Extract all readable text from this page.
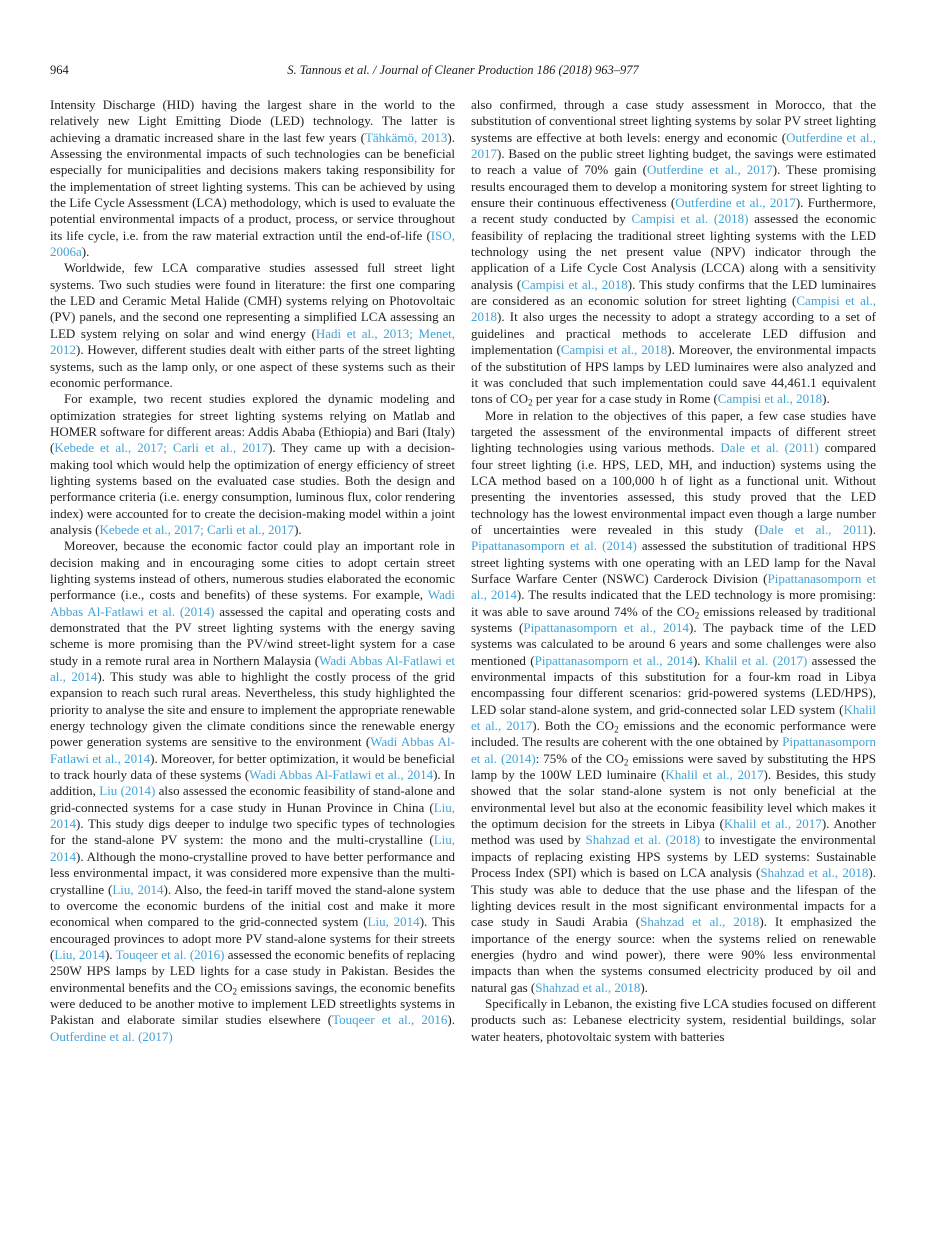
964	S. Tannous et al. / Journal of Cleaner Production 186 (2018) 963–977

Intensity Discharge (HID) having the largest share in the world to the relatively new Light Emitting Diode (LED) technology. The latter is achieving a dramatic increased share in the last few years (Tähkämö, 2013). Assessing the environmental impacts of such technologies can be beneficial especially for municipalities and decisions makers taking responsibility for the implementation of street lighting systems. This can be achieved by using the Life Cycle Assessment (LCA) methodology, which is used to evaluate the potential environmental impacts of a product, process, or service throughout its life cycle, i.e. from the raw material extraction until the end-of-life (ISO, 2006a).

Worldwide, few LCA comparative studies assessed full street light systems. Two such studies were found in literature: the first one comparing the LED and Ceramic Metal Halide (CMH) systems relying on Photovoltaic (PV) panels, and the second one representing a simplified LCA assessing an LED system relying on solar and wind energy (Hadi et al., 2013; Menet, 2012). However, different studies dealt with either parts of the street lighting systems, such as the lamp only, or one aspect of these systems such as their economic performance.

For example, two recent studies explored the dynamic modeling and optimization strategies for street lighting systems relying on Matlab and HOMER software for different areas: Addis Ababa (Ethiopia) and Bari (Italy) (Kebede et al., 2017; Carli et al., 2017). They came up with a decision-making tool which would help the optimization of energy efficiency of street lighting systems based on the evaluated case studies. Both the design and performance criteria (i.e. energy consumption, luminous flux, color rendering index) were accounted for to create the decision-making model within a joint analysis (Kebede et al., 2017; Carli et al., 2017).

Moreover, because the economic factor could play an important role in decision making and in encouraging some cities to adopt certain street lighting systems instead of others, numerous studies elaborated the economic performance (i.e., costs and benefits) of these systems. For example, Wadi Abbas Al-Fatlawi et al. (2014) assessed the capital and operating costs and demonstrated that the PV street lighting systems with the energy saving scheme is more promising than the PV/wind street-light system for a case study in a remote rural area in Northern Malaysia (Wadi Abbas Al-Fatlawi et al., 2014). This study was able to highlight the costly process of the grid expansion to reach such rural areas. Nevertheless, this study highlighted the priority to analyse the site and ensure to implement the appropriate renewable energy technology given the climate conditions since the renewable energy power generation systems are sensitive to the environment (Wadi Abbas Al-Fatlawi et al., 2014). Moreover, for better optimization, it would be beneficial to track hourly data of these systems (Wadi Abbas Al-Fatlawi et al., 2014). In addition, Liu (2014) also assessed the economic feasibility of stand-alone and grid-connected systems for a case study in Hunan Province in China (Liu, 2014). This study digs deeper to indulge two specific types of technologies for the stand-alone PV system: the mono and the multi-crystalline (Liu, 2014). Although the mono-crystalline proved to have better performance and less environmental impact, it was considered more expensive than the multi-crystalline (Liu, 2014). Also, the feed-in tariff moved the stand-alone system to overcome the economic burdens of the initial cost and make it more economical when compared to the grid-connected system (Liu, 2014). This encouraged provinces to adopt more PV stand-alone systems for their streets (Liu, 2014). Touqeer et al. (2016) assessed the economic benefits of replacing 250W HPS lamps by LED lights for a case study in Pakistan. Besides the environmental benefits and the $CO_2$ emissions savings, the economic benefits were deduced to be another motive to implement LED streetlights systems in Pakistan and elaborate similar studies elsewhere (Touqeer et al., 2016). Outferdine et al. (2017)

also confirmed, through a case study assessment in Morocco, that the substitution of conventional street lighting systems by solar PV street lighting systems are effective at both levels: energy and economic (Outferdine et al., 2017). Based on the public street lighting budget, the savings were estimated to reach a value of 70% gain (Outferdine et al., 2017). These promising results encouraged them to develop a monitoring system for street lighting to ensure their continuous effectiveness (Outferdine et al., 2017). Furthermore, a recent study conducted by Campisi et al. (2018) assessed the economic feasibility of replacing the traditional street lighting systems with the LED technology using the net present value (NPV) indicator through the application of a Life Cycle Cost Analysis (LCCA) along with a sensitivity analysis (Campisi et al., 2018). This study confirms that the LED luminaires are considered as an economic solution for street lighting (Campisi et al., 2018). It also urges the necessity to adopt a strategy according to a set of guidelines and practical methods to accelerate LED diffusion and implementation (Campisi et al., 2018). Moreover, the environmental impacts of the substitution of HPS lamps by LED luminaires were also analyzed and it was concluded that such implementation could save 44,461.1 equivalent tons of $CO_2$ per year for a case study in Rome (Campisi et al., 2018).

More in relation to the objectives of this paper, a few case studies have targeted the assessment of the environmental impacts of different street lighting technologies using various methods. Dale et al. (2011) compared four street lighting (i.e. HPS, LED, MH, and induction) systems using the LCA method based on a 100,000 h of light as a functional unit. Without presenting the inventories assessed, this study proved that the LED technology has the lowest environmental impact even though a large number of uncertainties were revealed in this study (Dale et al., 2011). Pipattanasomporn et al. (2014) assessed the substitution of traditional HPS street lighting systems with one operating with an LED lamp for the Naval Surface Warfare Center (NSWC) Carderock Division (Pipattanasomporn et al., 2014). The results indicated that the LED technology is more promising: it was able to save around 74% of the $CO_2$ emissions released by traditional systems (Pipattanasomporn et al., 2014). The payback time of the LED systems was calculated to be around 6 years and some challenges were also mentioned (Pipattanasomporn et al., 2014). Khalil et al. (2017) assessed the environmental impacts of this substitution for a four-km road in Libya encompassing four different scenarios: grid-powered systems (LED/HPS), LED solar stand-alone system, and grid-connected solar LED system (Khalil et al., 2017). Both the $CO_2$ emissions and the economic performance were included. The results are coherent with the one obtained by Pipattanasomporn et al. (2014): 75% of the $CO_2$ emissions were saved by substituting the HPS lamp by the 100W LED luminaire (Khalil et al., 2017). Besides, this study showed that the solar stand-alone system is not only beneficial at the environmental level but also at the economic feasibility level which makes it the optimum decision for the streets in Libya (Khalil et al., 2017). Another method was used by Shahzad et al. (2018) to investigate the environmental impacts of replacing existing HPS systems by LED systems: Sustainable Process Index (SPI) which is based on LCA analysis (Shahzad et al., 2018). This study was able to deduce that the use phase and the lifespan of the lighting devices result in the most significant environmental impacts for a case study in Saudi Arabia (Shahzad et al., 2018). It emphasized the importance of the energy source: when the systems relied on renewable energies (hydro and wind power), there were 90% less environmental impacts than when the systems consumed electricity produced by oil and natural gas (Shahzad et al., 2018).

Specifically in Lebanon, the existing five LCA studies focused on different products such as: Lebanese electricity system, residential buildings, solar water heaters, photovoltaic system with batteries
